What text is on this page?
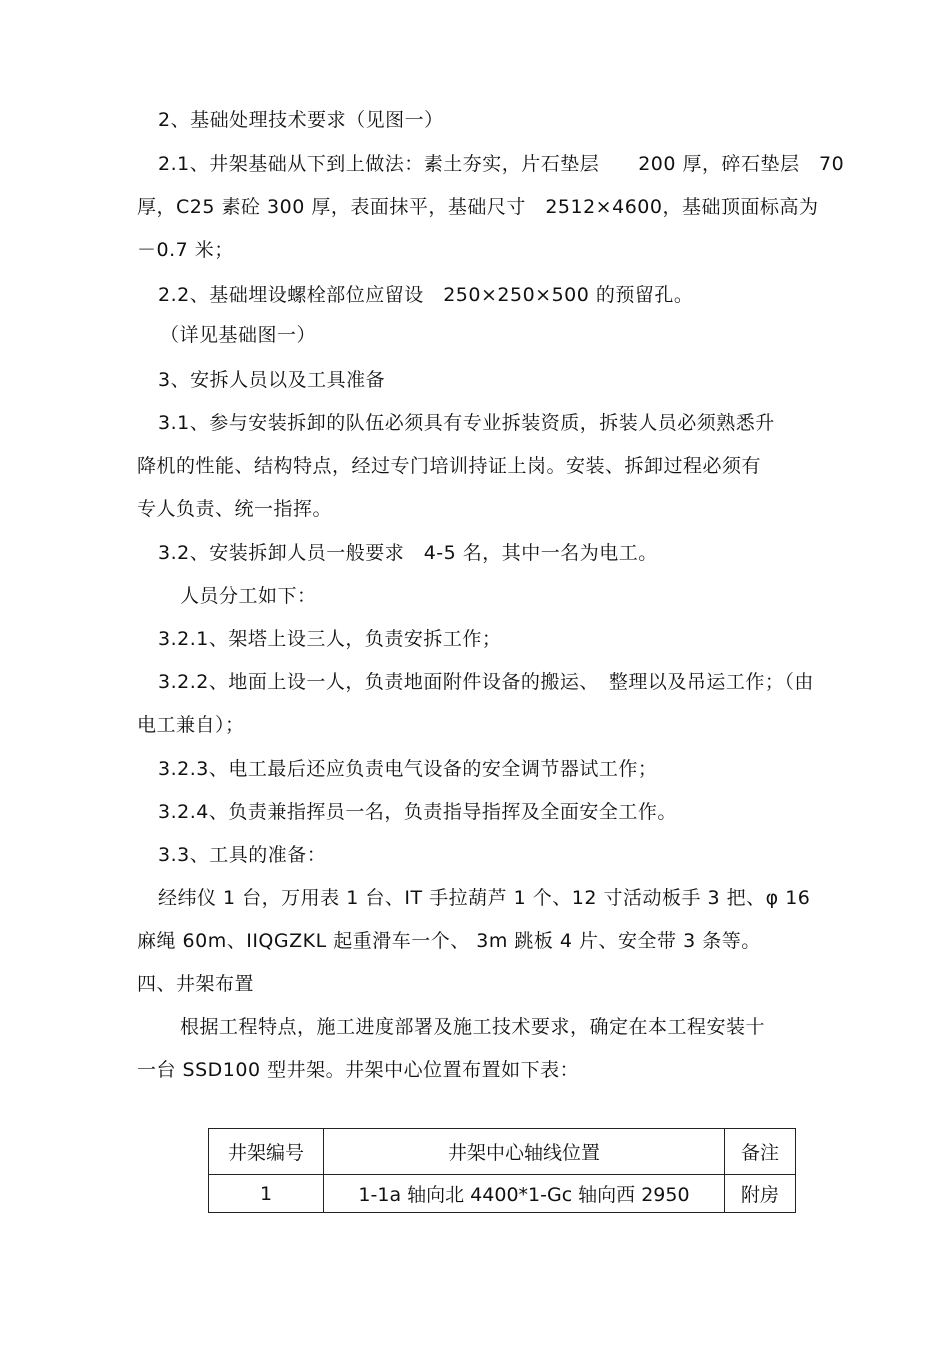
2、基础处理技术要求（见图一）
2.1、井架基础从下到上做法：素土夯实，片石垫层　　200 厚，碎石垫层　70
厚，C25 素砼 300 厚，表面抹平，基础尺寸　2512×4600，基础顶面标高为
－0.7 米；
2.2、基础埋设螺栓部位应留设　250×250×500 的预留孔。
（详见基础图一）
3、安拆人员以及工具准备
3.1、参与安装拆卸的队伍必须具有专业拆装资质，拆装人员必须熟悉升
降机的性能、结构特点，经过专门培训持证上岗。安装、拆卸过程必须有
专人负责、统一指挥。
3.2、安装拆卸人员一般要求　4-5 名，其中一名为电工。
人员分工如下：
3.2.1、架塔上设三人，负责安拆工作；
3.2.2、地面上设一人，负责地面附件设备的搬运、　整理以及吊运工作；（由
电工兼自）；
3.2.3、电工最后还应负责电气设备的安全调节器试工作；
3.2.4、负责兼指挥员一名，负责指导指挥及全面安全工作。
3.3、工具的准备：
经纬仪 1 台，万用表 1 台、IT 手拉葫芦 1 个、12 寸活动板手 3 把、φ 16
麻绳 60m、IIQGZKL 起重滑车一个、 3m 跳板 4 片、安全带 3 条等。
四、井架布置
根据工程特点，施工进度部署及施工技术要求，确定在本工程安装十
一台 SSD100 型井架。井架中心位置布置如下表：
井架编号	井架中心轴线位置	备注
1	1-1a 轴向北 4400*1-Gc 轴向西 2950	附房
